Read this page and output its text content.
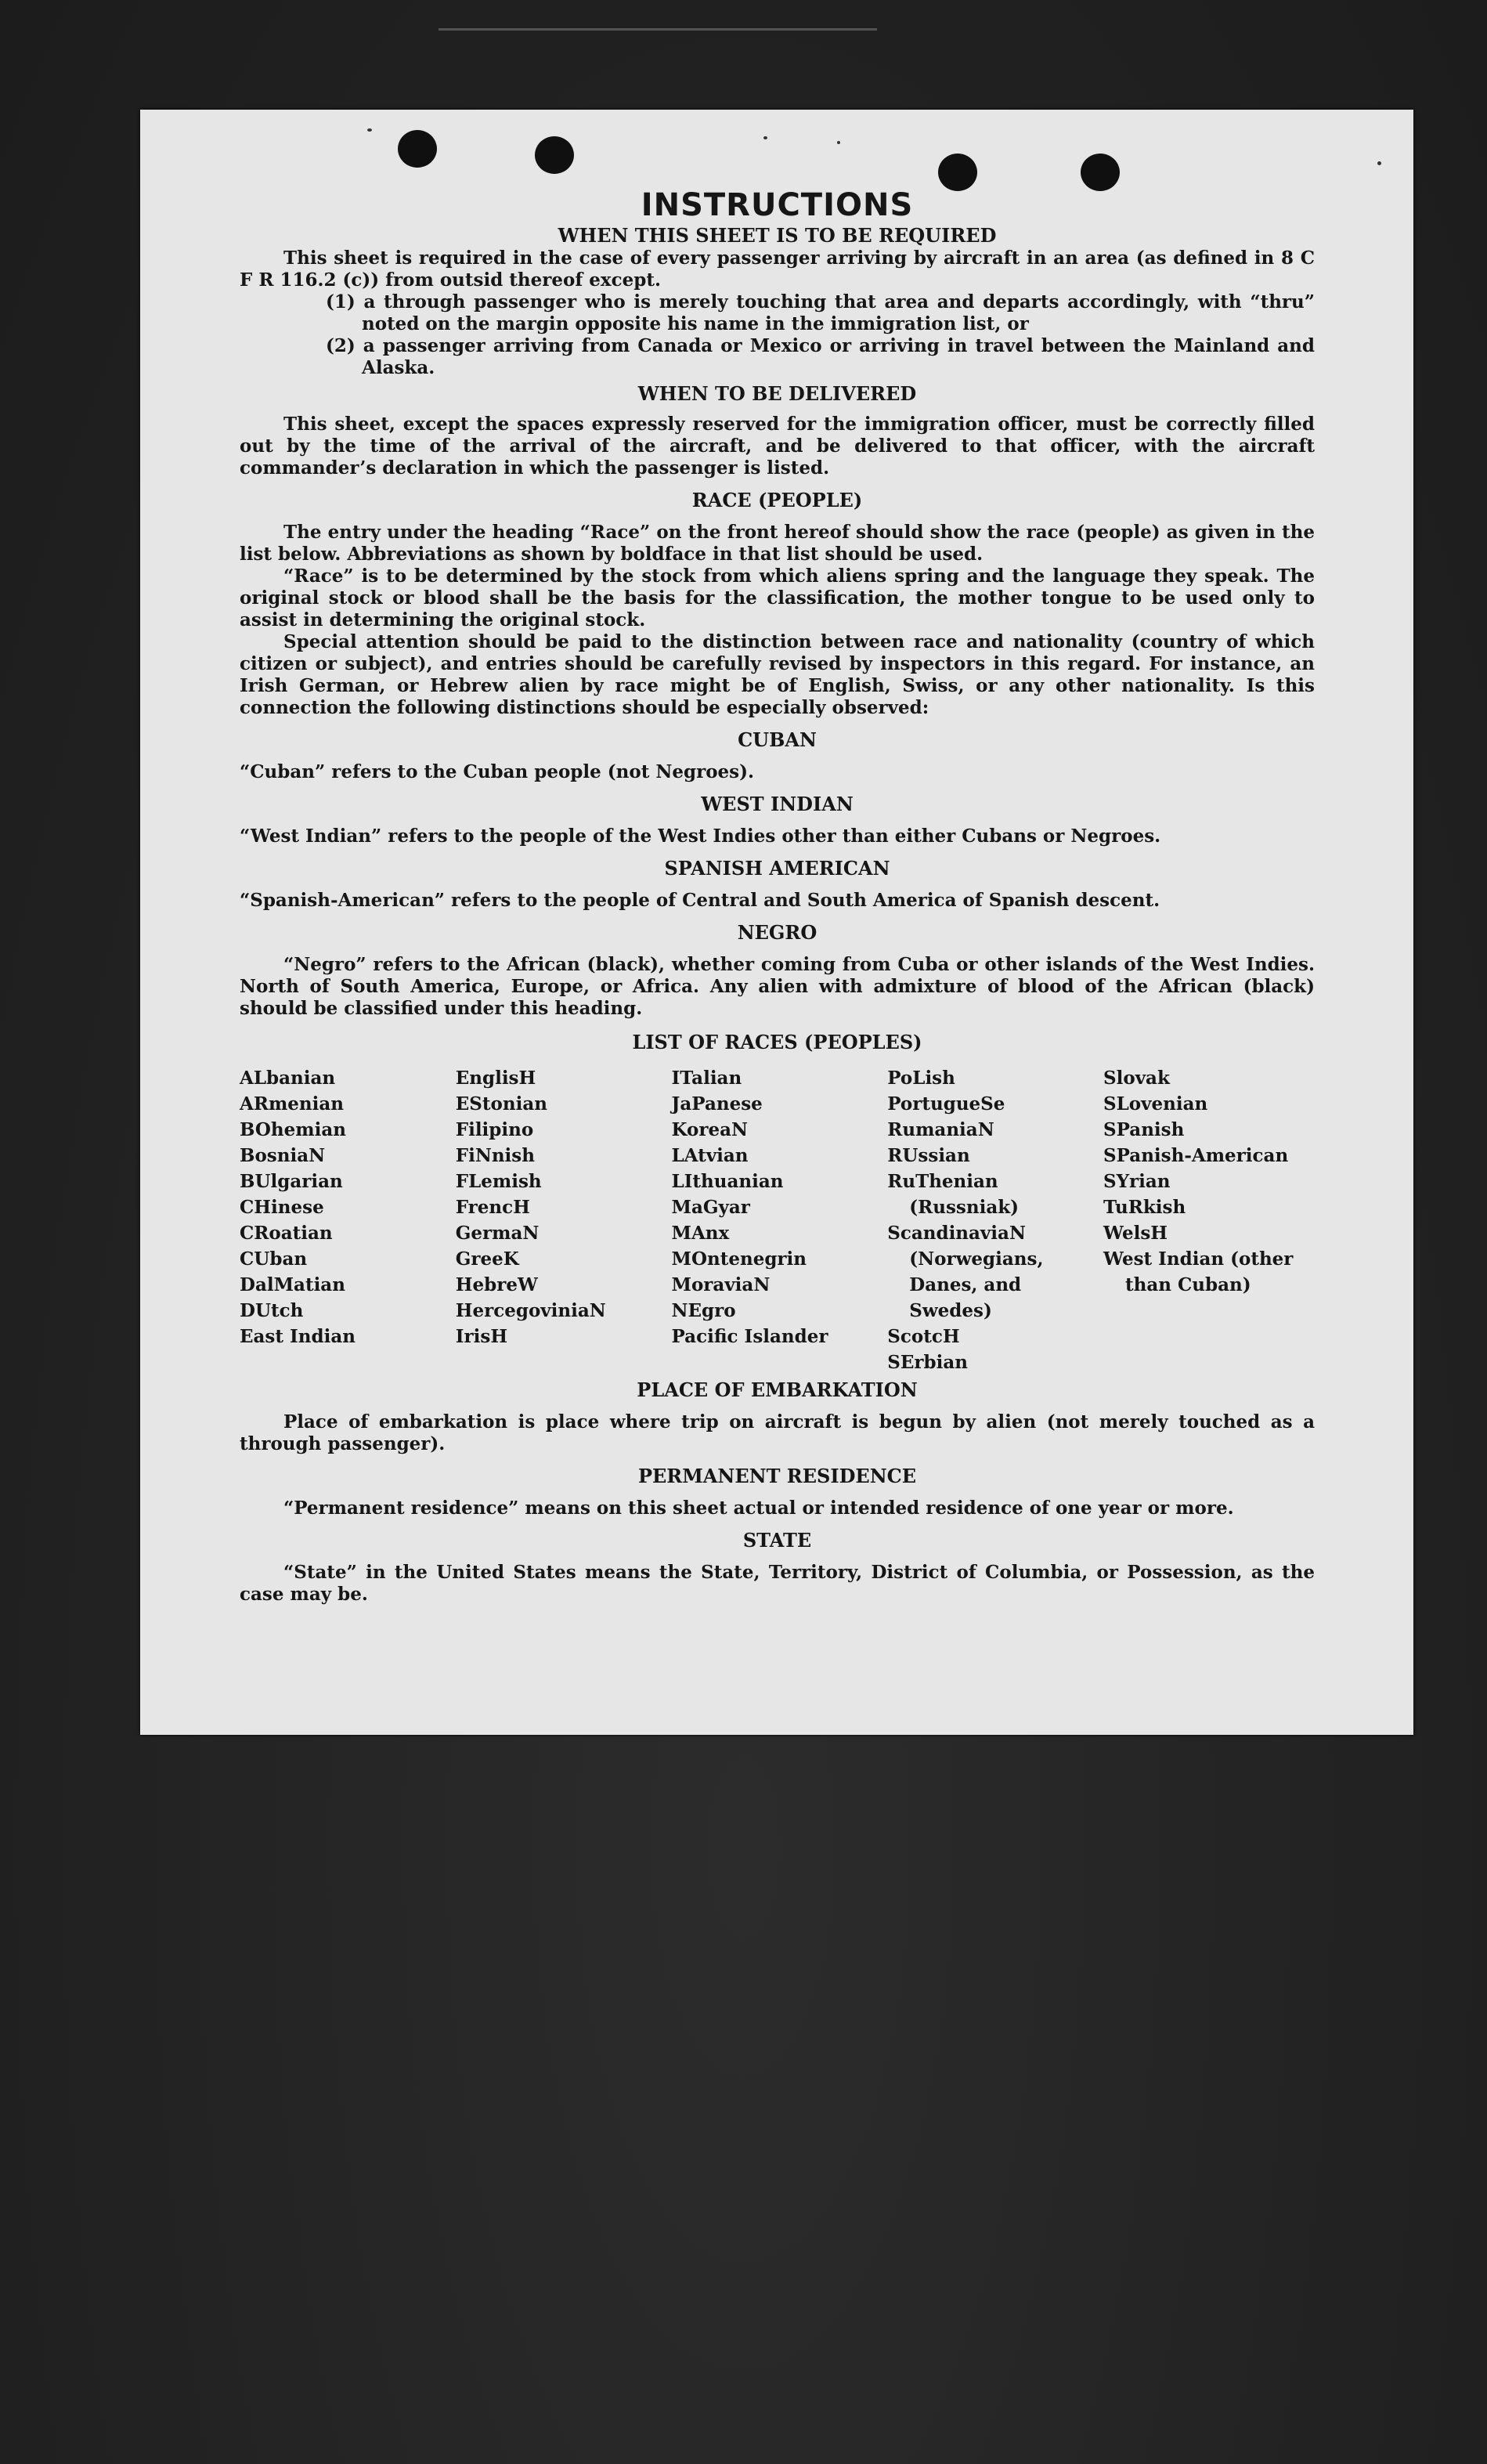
INSTRUCTIONS
WHEN THIS SHEET IS TO BE REQUIRED

This sheet is required in the case of every passenger arriving by aircraft in an area (as defined in 8 C F R 116.2 (c)) from outsid thereof except.

(1) a through passenger who is merely touching that area and departs accordingly, with “thru” noted on the margin opposite his name in the immigration list, or

(2) a passenger arriving from Canada or Mexico or arriving in travel between the Mainland and Alaska.

WHEN TO BE DELIVERED

This sheet, except the spaces expressly reserved for the immigration officer, must be correctly filled out by the time of the arrival of the aircraft, and be delivered to that officer, with the aircraft commander’s declaration in which the passenger is listed.

RACE (PEOPLE)

The entry under the heading “Race” on the front hereof should show the race (people) as given in the list below. Abbreviations as shown by boldface in that list should be used.

“Race” is to be determined by the stock from which aliens spring and the language they speak. The original stock or blood shall be the basis for the classification, the mother tongue to be used only to assist in determining the original stock.

Special attention should be paid to the distinction between race and nationality (country of which citizen or subject), and entries should be carefully revised by inspectors in this regard. For instance, an Irish German, or Hebrew alien by race might be of English, Swiss, or any other nationality. Is this connection the following distinctions should be especially observed:

CUBAN

“Cuban” refers to the Cuban people (not Negroes).

WEST INDIAN

“West Indian” refers to the people of the West Indies other than either Cubans or Negroes.

SPANISH AMERICAN

“Spanish-American” refers to the people of Central and South America of Spanish descent.

NEGRO

“Negro” refers to the African (black), whether coming from Cuba or other islands of the West Indies. North of South America, Europe, or Africa. Any alien with admixture of blood of the African (black) should be classified under this heading.

LIST OF RACES (PEOPLES)
ALbanian
ARmenian
BOhemian
BosniaN
BUlgarian
CHinese
CRoatian
CUban
DalMatian
DUtch
East Indian
EnglisH
EStonian
Filipino
FiNnish
FLemish
FrencH
GermaN
GreeK
HebreW
HercegoviniaN
IrisH
ITalian
JaPanese
KoreaN
LAtvian
LIthuanian
MaGyar
MAnx
MOntenegrin
MoraviaN
NEgro
Pacific Islander
PoLish
PortugueSe
RumaniaN
RUssian
RuThenian (Russniak)
ScandinaviaN (Norwegians, Danes, and Swedes)
ScotcH
SErbian
Slovak
SLovenian
SPanish
SPanish-American
SYrian
TuRkish
WelsH
West Indian (other than Cuban)
PLACE OF EMBARKATION

Place of embarkation is place where trip on aircraft is begun by alien (not merely touched as a through passenger).

PERMANENT RESIDENCE

“Permanent residence” means on this sheet actual or intended residence of one year or more.

STATE

“State” in the United States means the State, Territory, District of Columbia, or Possession, as the case may be.
